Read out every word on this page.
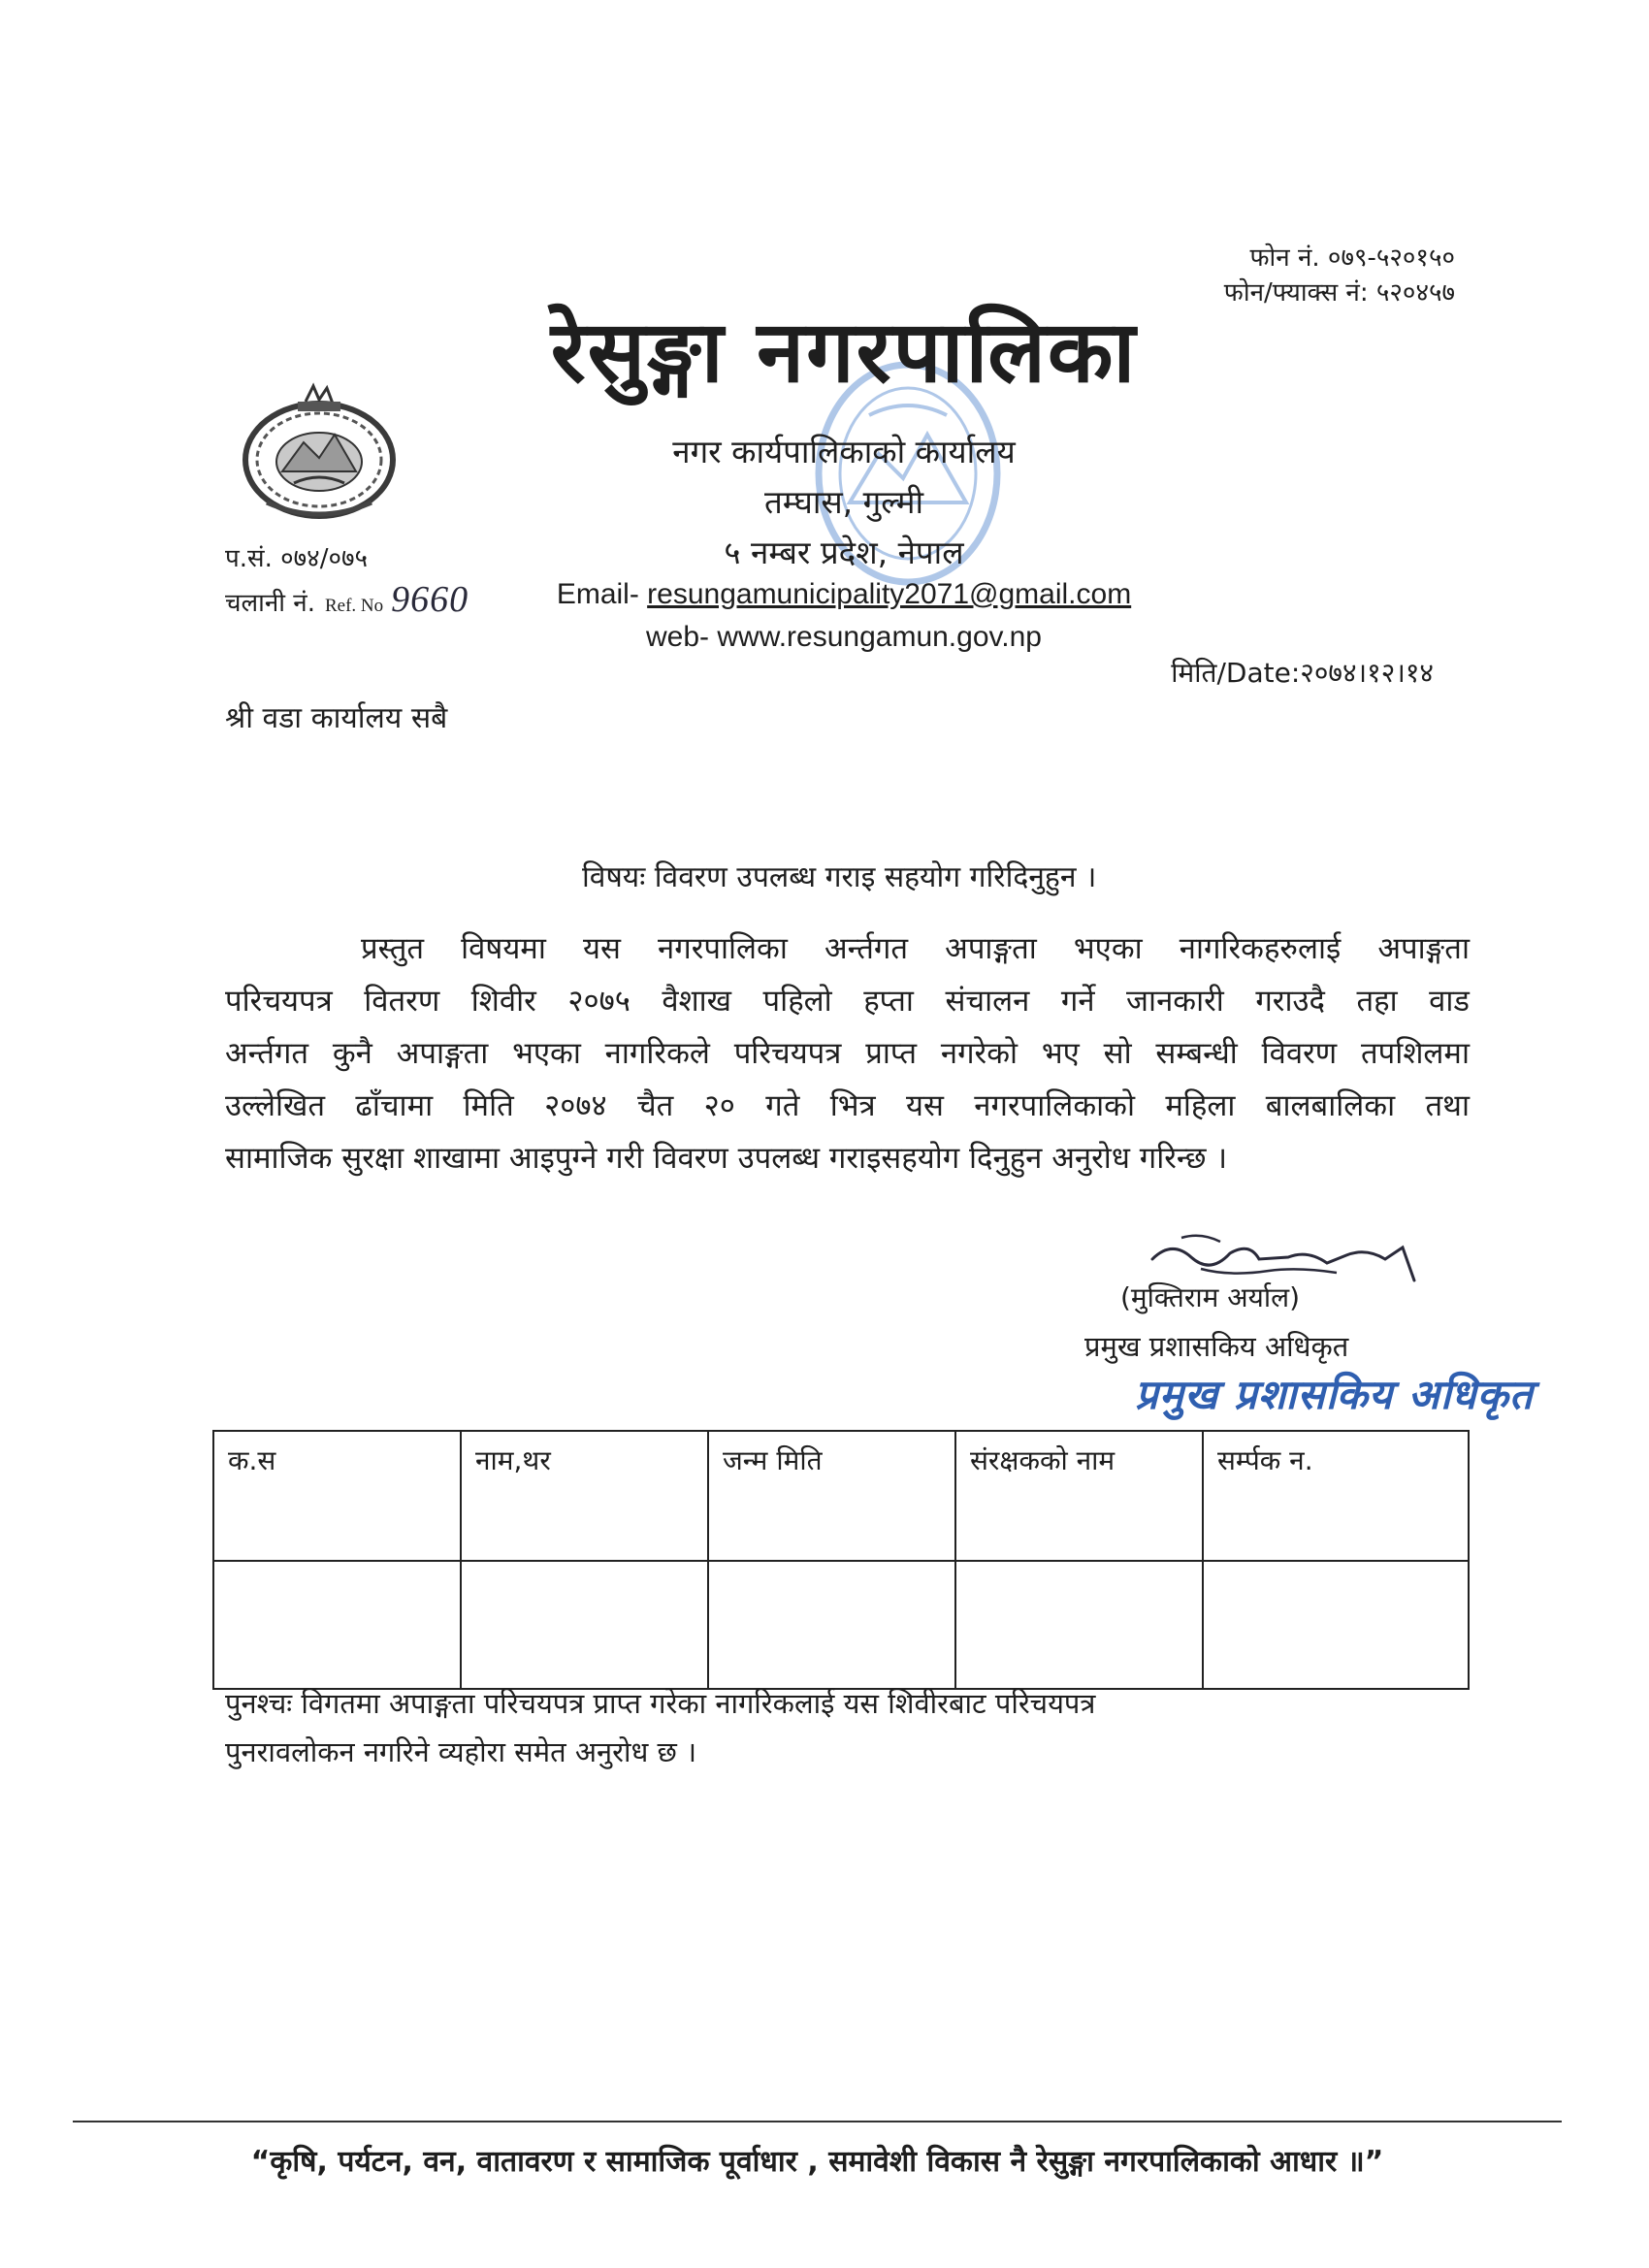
फोन नं. ०७९-५२०१५०
फोन/फ्याक्स नं: ५२०४५७
रेसुङ्गा नगरपालिका
नगर कार्यपालिकाको कार्यालय
तम्घास, गुल्मी
५ नम्बर प्रदेश, नेपाल
Email- resungamunicipality2071@gmail.com
web- www.resungamun.gov.np
प.सं. ०७४/०७५
चलानी नं. Ref. No 9660
मिति/Date:२०७४।१२।१४
श्री वडा कार्यालय सबै
विषयः विवरण उपलब्ध गराइ सहयोग गरिदिनुहुन ।
प्रस्तुत विषयमा यस नगरपालिका अर्न्तगत अपाङ्गता भएका नागरिकहरुलाई अपाङ्गता
परिचयपत्र वितरण शिवीर २०७५ वैशाख पहिलो हप्ता संचालन गर्ने जानकारी गराउदै तहा वाड
अर्न्तगत कुनै अपाङ्गता भएका नागरिकले परिचयपत्र प्राप्त नगरेको भए सो सम्बन्धी विवरण तपशिलमा
उल्लेखित ढाँचामा मिति २०७४ चैत २० गते भित्र यस नगरपालिकाको महिला बालबालिका तथा
सामाजिक सुरक्षा शाखामा आइपुग्ने गरी विवरण उपलब्ध गराइसहयोग दिनुहुन अनुरोध गरिन्छ ।
(मुक्तिराम अर्याल)
प्रमुख प्रशासकिय अधिकृत
प्रमुख प्रशासकिय अधिकृत
क.स	नाम,थर	जन्म मिति	संरक्षकको नाम	सर्म्पक न.

पुनश्चः विगतमा अपाङ्गता परिचयपत्र प्राप्त गरेका नागरिकलाई यस शिवीरबाट परिचयपत्र
पुनरावलोकन नगरिने व्यहोरा समेत अनुरोध छ ।
“कृषि, पर्यटन, वन, वातावरण र सामाजिक पूर्वाधार , समावेशी विकास नै रेसुङ्गा नगरपालिकाको आधार ॥”
